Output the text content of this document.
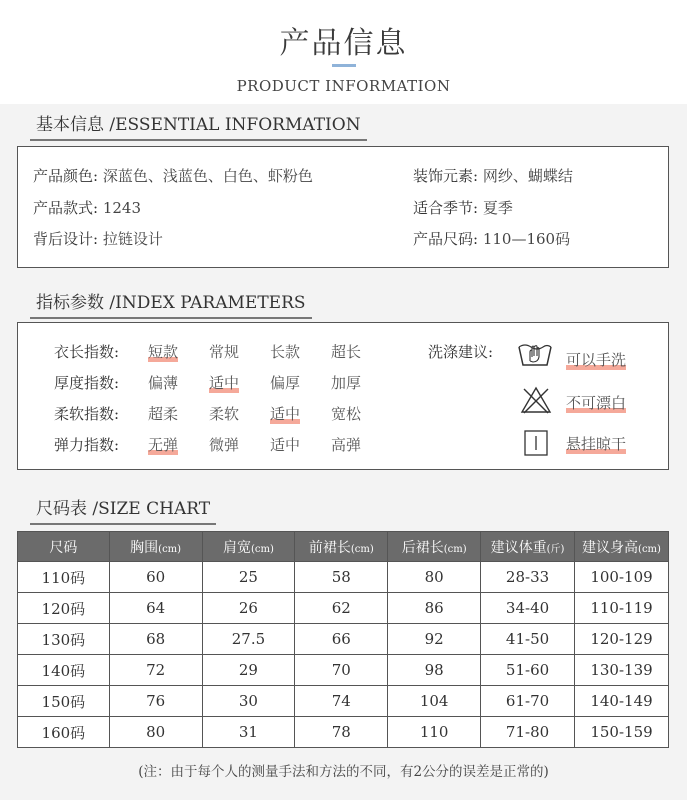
产品信息
PRODUCT INFORMATION
基本信息 /ESSENTIAL INFORMATION
产品颜色: 深蓝色、浅蓝色、白色、虾粉色
产品款式: 1243
背后设计: 拉链设计
装饰元素: 网纱、蝴蝶结
适合季节: 夏季
产品尺码: 110—160码
指标参数 /INDEX PARAMETERS
衣长指数: 短款 常规 长款 超长
厚度指数: 偏薄 适中 偏厚 加厚
柔软指数: 超柔 柔软 适中 宽松
弹力指数: 无弹 微弹 适中 高弹
洗涤建议:	可以手洗
不可漂白
悬挂晾干
尺码表 /SIZE CHART
尺码	胸围(cm)	肩宽(cm)	前裙长(cm)	后裙长(cm)	建议体重(斤)	建议身高(cm)
110码	60	25	58	80	28-33	100-109
120码	64	26	62	86	34-40	110-119
130码	68	27.5	66	92	41-50	120-129
140码	72	29	70	98	51-60	130-139
150码	76	30	74	104	61-70	140-149
160码	80	31	78	110	71-80	150-159
(注：由于每个人的测量手法和方法的不同，有2公分的误差是正常的)
